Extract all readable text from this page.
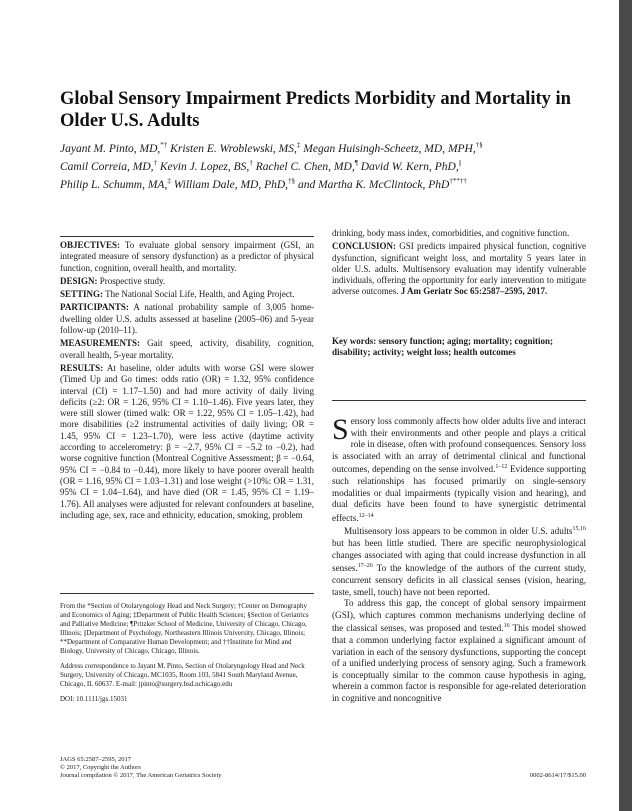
Global Sensory Impairment Predicts Morbidity and Mortality in Older U.S. Adults
Jayant M. Pinto, MD,*† Kristen E. Wroblewski, MS,‡ Megan Huisingh-Scheetz, MD, MPH,†§ Camil Correia, MD,† Kevin J. Lopez, BS,† Rachel C. Chen, MD,¶ David W. Kern, PhD,|| Philip L. Schumm, MA,‡ William Dale, MD, PhD,†§ and Martha K. McClintock, PhD†**††

OBJECTIVES: To evaluate global sensory impairment (GSI, an integrated measure of sensory dysfunction) as a predictor of physical function, cognition, overall health, and mortality.

DESIGN: Prospective study.

SETTING: The National Social Life, Health, and Aging Project.

PARTICIPANTS: A national probability sample of 3,005 home-dwelling older U.S. adults assessed at baseline (2005–06) and 5-year follow-up (2010–11).

MEASUREMENTS: Gait speed, activity, disability, cognition, overall health, 5-year mortality.

RESULTS: At baseline, older adults with worse GSI were slower (Timed Up and Go times: odds ratio (OR) = 1.32, 95% confidence interval (CI) = 1.17–1.50) and had more activity of daily living deficits (≥2: OR = 1.26, 95% CI = 1.10–1.46). Five years later, they were still slower (timed walk: OR = 1.22, 95% CI = 1.05–1.42), had more disabilities (≥2 instrumental activities of daily living; OR = 1.45, 95% CI = 1.23–1.70), were less active (daytime activity according to accelerometry: β = −2.7, 95% CI = −5.2 to −0.2), had worse cognitive function (Montreal Cognitive Assessment; β = −0.64, 95% CI = −0.84 to −0.44), more likely to have poorer overall health (OR = 1.16, 95% CI = 1.03–1.31) and lose weight (>10%: OR = 1.31, 95% CI = 1.04–1.64), and have died (OR = 1.45, 95% CI = 1.19–1.76). All analyses were adjusted for relevant confounders at baseline, including age, sex, race and ethnicity, education, smoking, problem

drinking, body mass index, comorbidities, and cognitive function.

CONCLUSION: GSI predicts impaired physical function, cognitive dysfunction, significant weight loss, and mortality 5 years later in older U.S. adults. Multisensory evaluation may identify vulnerable individuals, offering the opportunity for early intervention to mitigate adverse outcomes. J Am Geriatr Soc 65:2587–2595, 2017.

Key words: sensory function; aging; mortality; cognition; disability; activity; weight loss; health outcomes

Sensory loss commonly affects how older adults live and interact with their environments and other people and plays a critical role in disease, often with profound consequences. Sensory loss is associated with an array of detrimental clinical and functional outcomes, depending on the sense involved.$^{1-12}$ Evidence supporting such relationships has focused primarily on single-sensory modalities or dual impairments (typically vision and hearing), and dual deficits have been found to have synergistic detrimental effects.$^{12-14}$

Multisensory loss appears to be common in older U.S. adults$^{15,16}$ but has been little studied. There are specific neurophysiological changes associated with aging that could increase dysfunction in all senses.$^{17-26}$ To the knowledge of the authors of the current study, concurrent sensory deficits in all classical senses (vision, hearing, taste, smell, touch) have not been reported.

To address this gap, the concept of global sensory impairment (GSI), which captures common mechanisms underlying decline of the classical senses, was proposed and tested.$^{16}$ This model showed that a common underlying factor explained a significant amount of variation in each of the sensory dysfunctions, supporting the concept of a unified underlying process of sensory aging. Such a framework is conceptually similar to the common cause hypothesis in aging, wherein a common factor is responsible for age-related deterioration in cognitive and noncognitive

From the *Section of Otolaryngology Head and Neck Surgery; †Center on Demography and Economics of Aging; ‡Department of Public Health Sciences; §Section of Geriatrics and Palliative Medicine; ¶Pritzker School of Medicine, University of Chicago, Chicago, Illinois; ||Department of Psychology, Northeastern Illinois University, Chicago, Illinois; **Department of Comparative Human Development; and ††Institute for Mind and Biology, University of Chicago, Chicago, Illinois.

Address correspondence to Jayant M. Pinto, Section of Otolaryngology Head and Neck Surgery, University of Chicago, MC1035, Room 103, 5841 South Maryland Avenue, Chicago, IL 60637. E-mail: jpinto@surgery.bsd.uchicago.edu

DOI: 10.1111/jgs.15031

JAGS 65:2587–2595, 2017
© 2017, Copyright the Authors
Journal compilation © 2017, The American Geriatrics Society	0002-8614/17/$15.00
